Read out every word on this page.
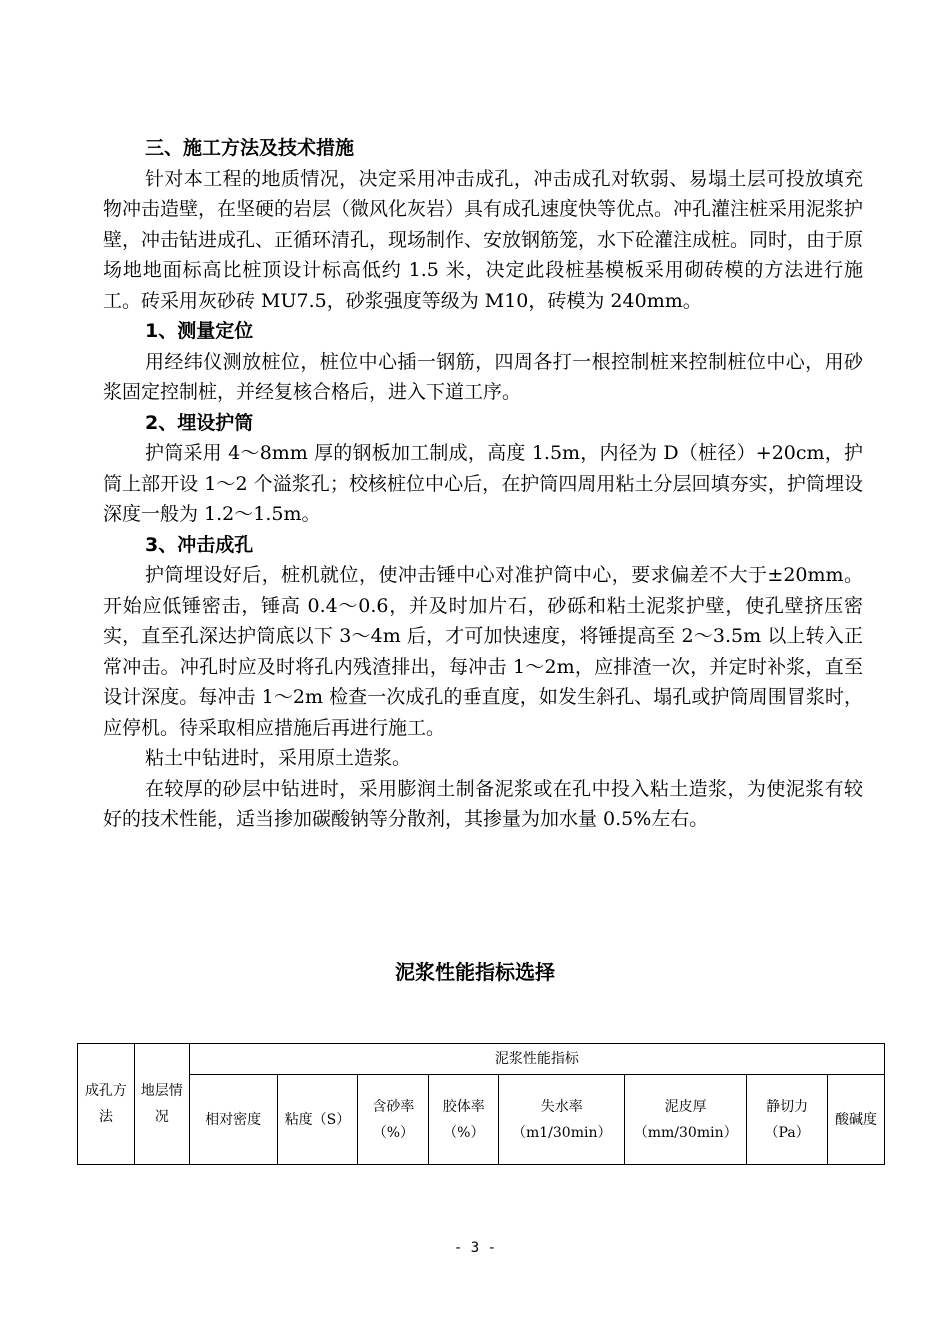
三、施工方法及技术措施

针对本工程的地质情况，决定采用冲击成孔，冲击成孔对软弱、易塌土层可投放填充物冲击造壁，在坚硬的岩层（微风化灰岩）具有成孔速度快等优点。冲孔灌注桩采用泥浆护壁，冲击钻进成孔、正循环清孔，现场制作、安放钢筋笼，水下砼灌注成桩。同时，由于原场地地面标高比桩顶设计标高低约 1.5 米，决定此段桩基模板采用砌砖模的方法进行施工。砖采用灰砂砖 MU7.5，砂浆强度等级为 M10，砖模为 240mm。

1、测量定位

用经纬仪测放桩位，桩位中心插一钢筋，四周各打一根控制桩来控制桩位中心，用砂浆固定控制桩，并经复核合格后，进入下道工序。

2、埋设护筒

护筒采用 4～8mm 厚的钢板加工制成，高度 1.5m，内径为 D（桩径）+20cm，护筒上部开设 1～2 个溢浆孔；校核桩位中心后，在护筒四周用粘土分层回填夯实，护筒埋设深度一般为 1.2～1.5m。

3、冲击成孔

护筒埋设好后，桩机就位，使冲击锤中心对准护筒中心，要求偏差不大于±20mm。开始应低锤密击，锤高 0.4～0.6，并及时加片石，砂砾和粘土泥浆护壁，使孔壁挤压密实，直至孔深达护筒底以下 3～4m 后，才可加快速度，将锤提高至 2～3.5m 以上转入正常冲击。冲孔时应及时将孔内残渣排出，每冲击 1～2m，应排渣一次，并定时补浆，直至设计深度。每冲击 1～2m 检查一次成孔的垂直度，如发生斜孔、塌孔或护筒周围冒浆时，应停机。待采取相应措施后再进行施工。

粘土中钻进时，采用原土造浆。

在较厚的砂层中钻进时，采用膨润土制备泥浆或在孔中投入粘土造浆，为使泥浆有较好的技术性能，适当掺加碳酸钠等分散剂，其掺量为加水量 0.5%左右。

泥浆性能指标选择
成孔方法	地层情况	泥浆性能指标							
		相对密度	粘度（S）	含砂率（%）	胶体率（%）	失水率（m1/30min）	泥皮厚（mm/30min）	静切力（Pa）	酸碱度
- 3 -
